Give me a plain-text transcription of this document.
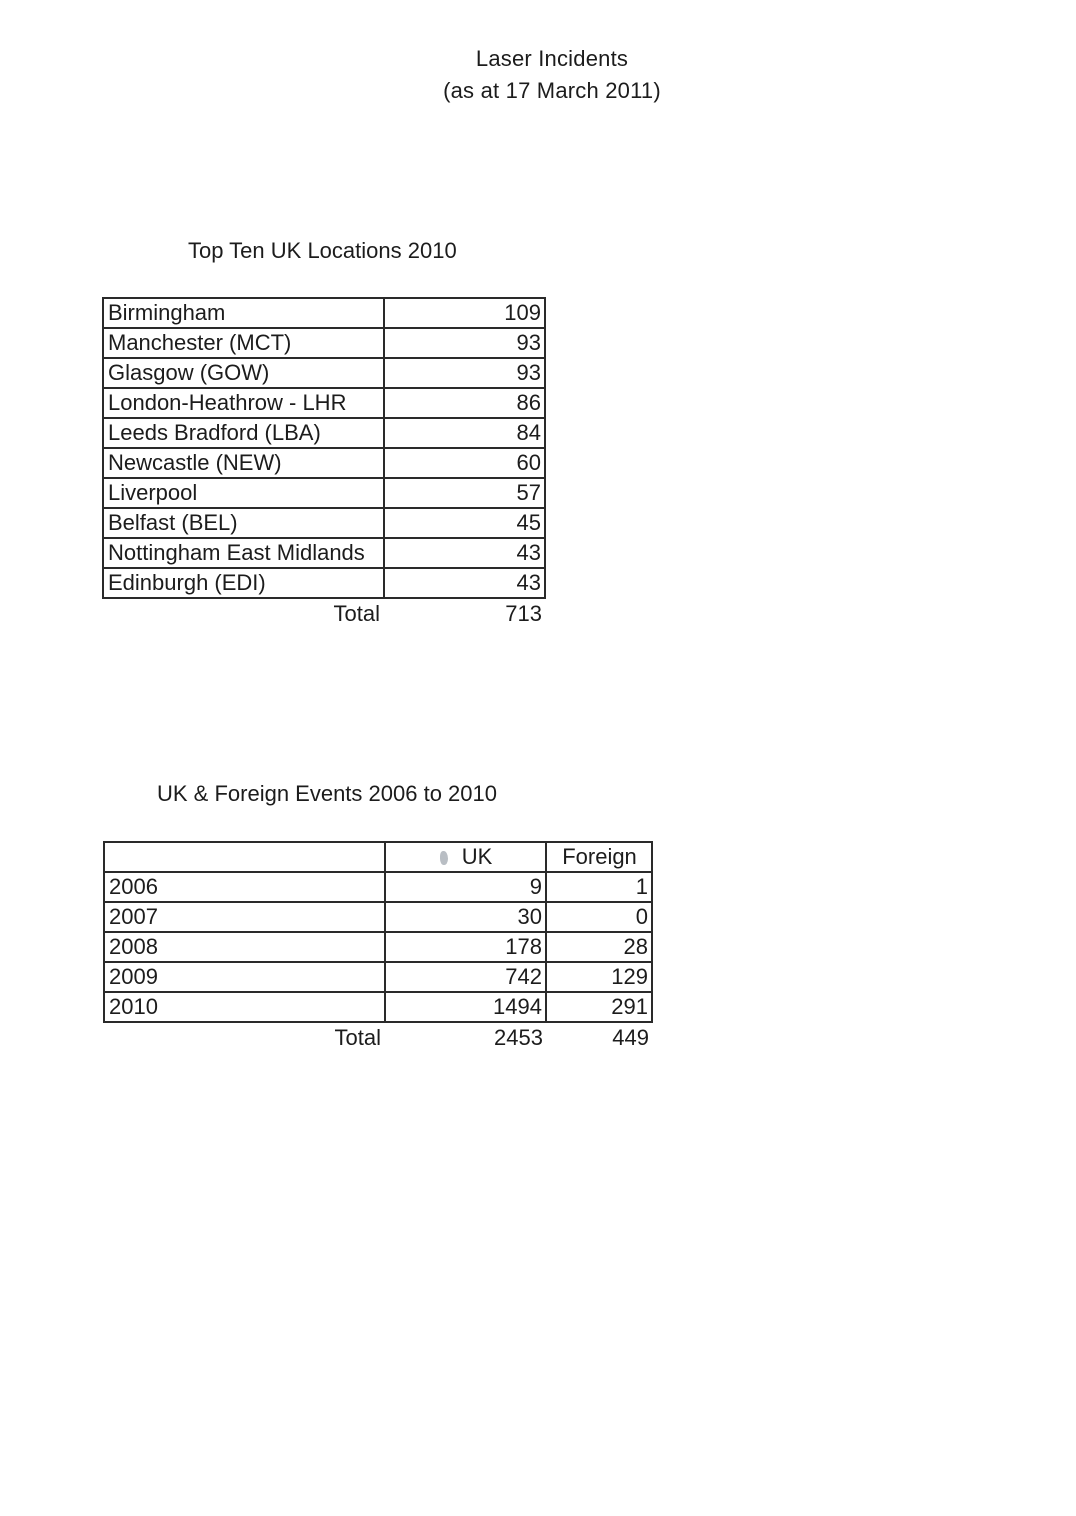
Laser Incidents
(as at 17 March 2011)
Top Ten UK Locations 2010
Birmingham	109
Manchester (MCT)	93
Glasgow (GOW)	93
London-Heathrow - LHR	86
Leeds Bradford (LBA)	84
Newcastle (NEW)	60
Liverpool	57
Belfast (BEL)	45
Nottingham East Midlands	43
Edinburgh (EDI)	43
Total	713
UK & Foreign Events 2006 to 2010
	UK	Foreign
2006	9	1
2007	30	0
2008	178	28
2009	742	129
2010	1494	291
Total	2453	449
